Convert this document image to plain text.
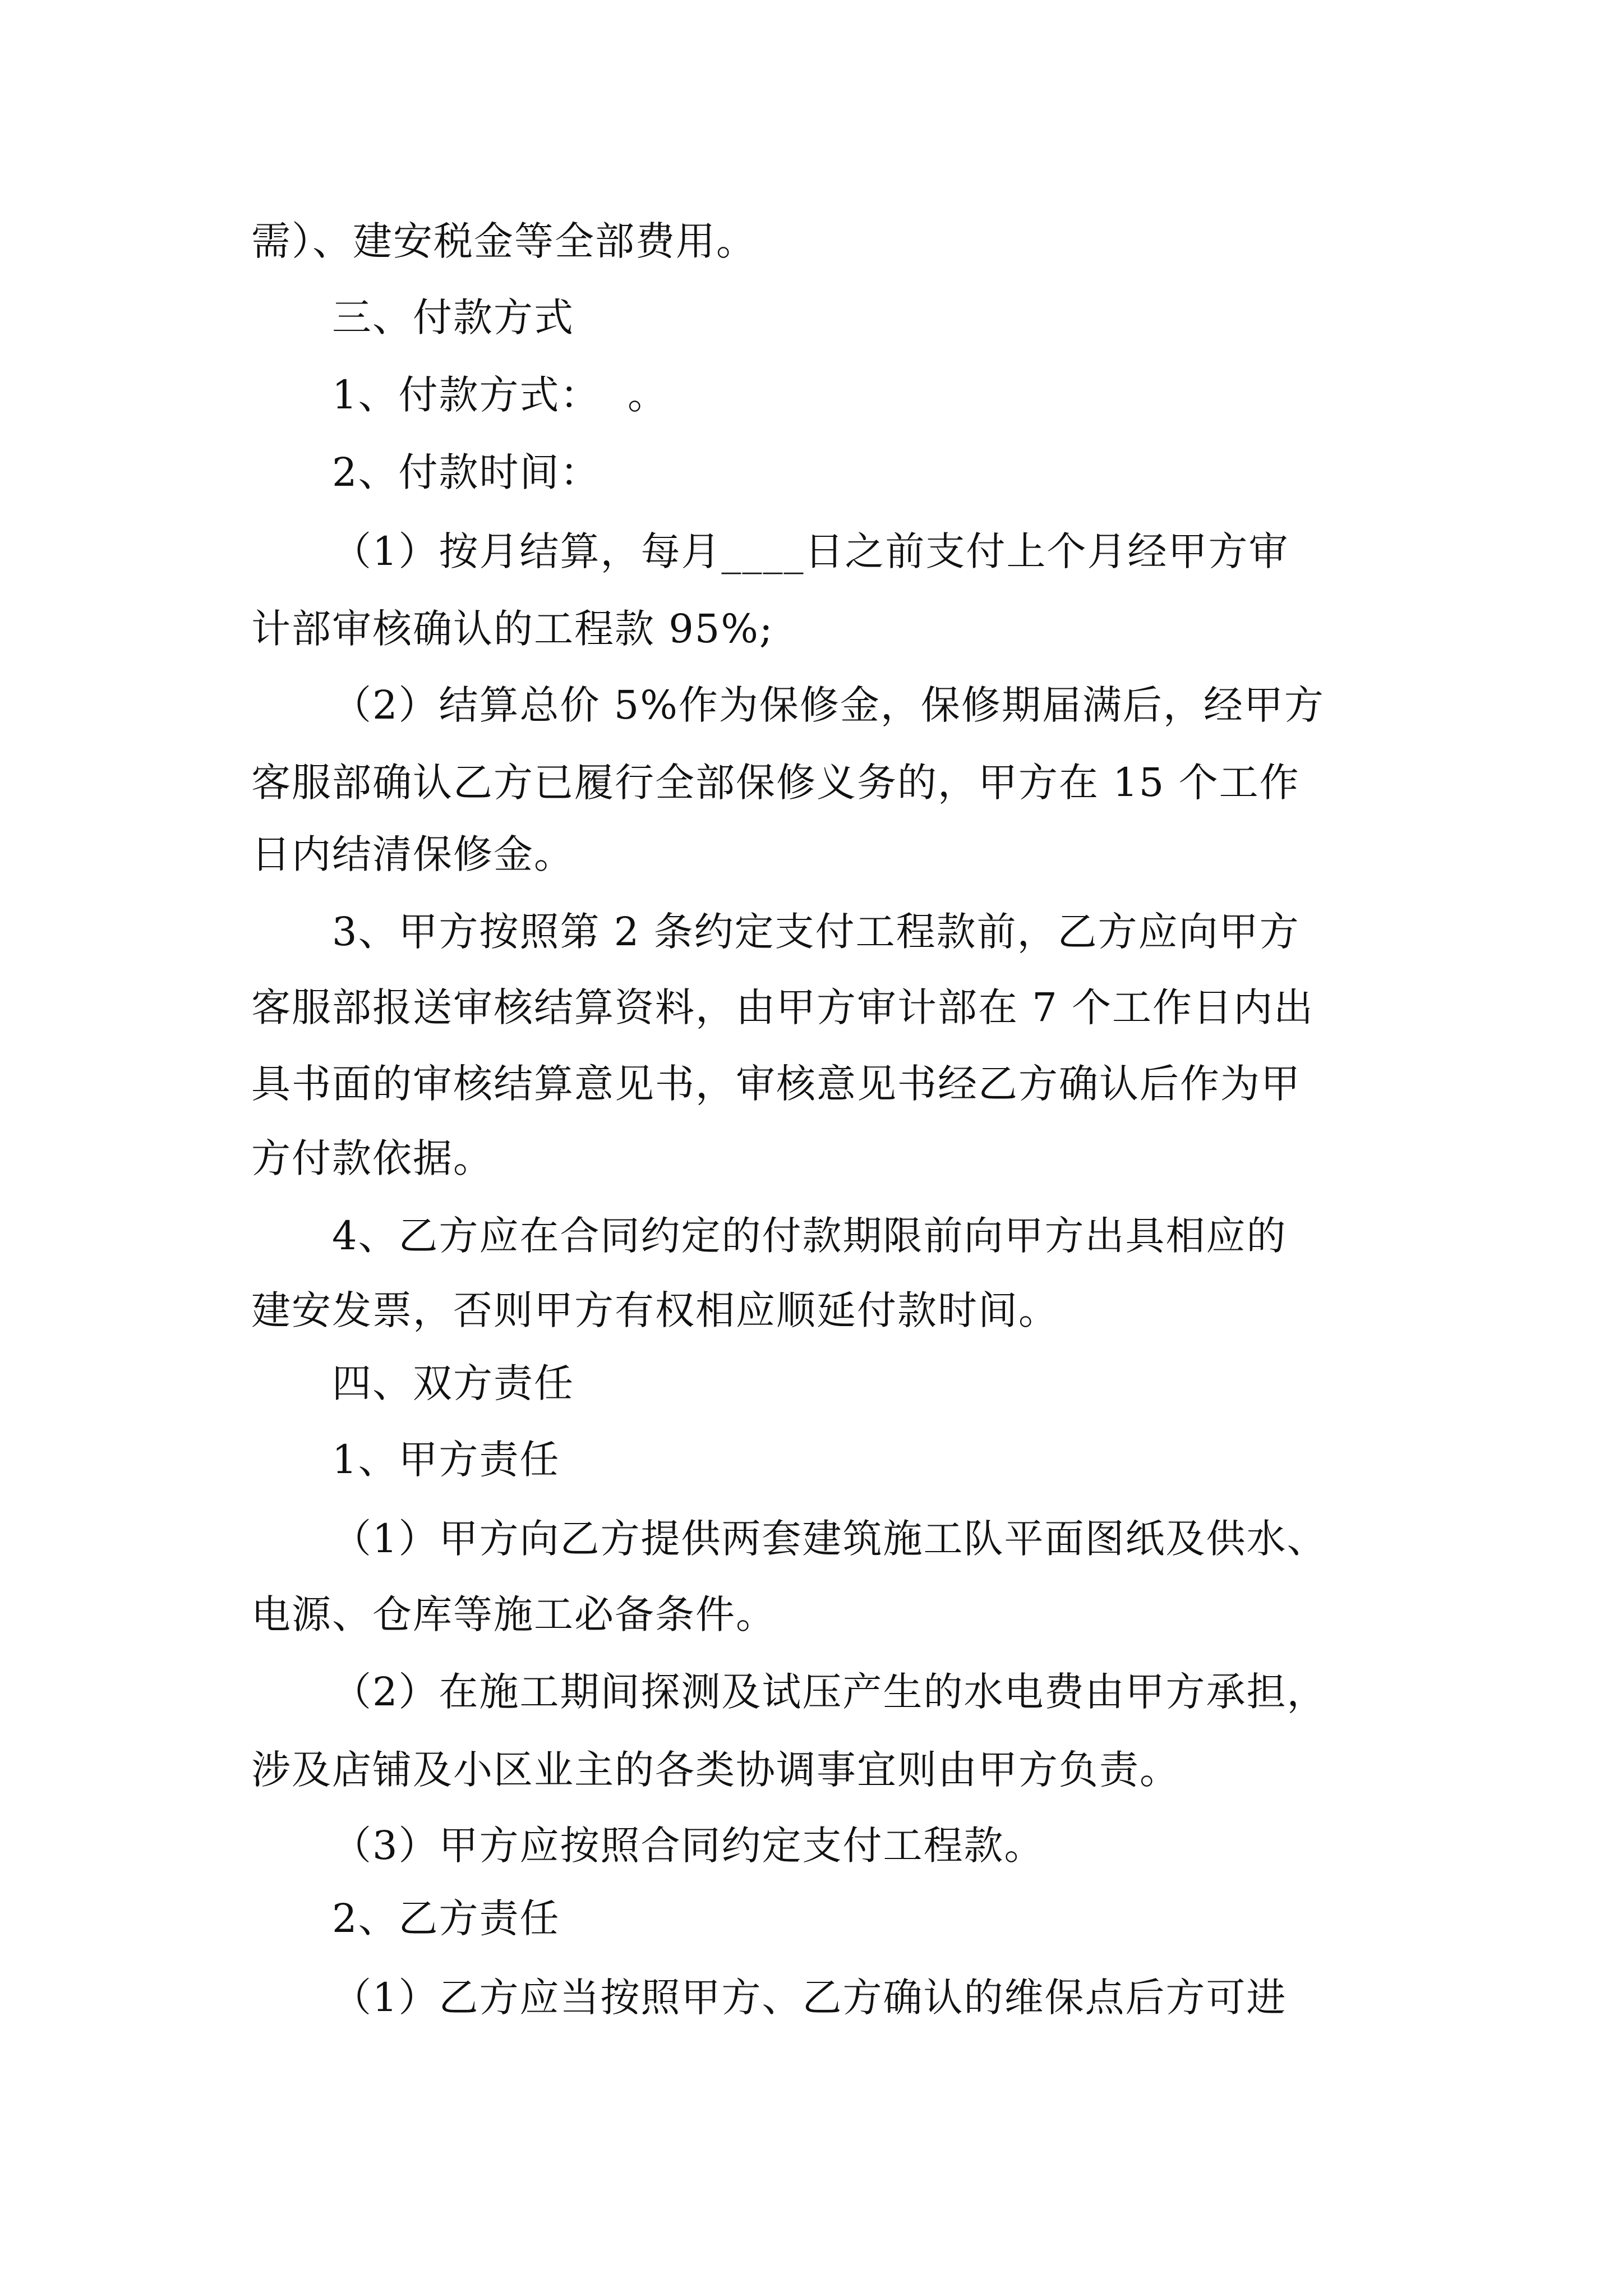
需）、建安税金等全部费用。
三、付款方式
1、付款方式：  。
2、付款时间：
（1）按月结算，每月____日之前支付上个月经甲方审
计部审核确认的工程款 95%;
（2）结算总价 5%作为保修金，保修期届满后，经甲方
客服部确认乙方已履行全部保修义务的，甲方在 15 个工作
日内结清保修金。
3、甲方按照第 2 条约定支付工程款前，乙方应向甲方
客服部报送审核结算资料，由甲方审计部在 7 个工作日内出
具书面的审核结算意见书，审核意见书经乙方确认后作为甲
方付款依据。
4、乙方应在合同约定的付款期限前向甲方出具相应的
建安发票，否则甲方有权相应顺延付款时间。
四、双方责任
1、甲方责任
（1）甲方向乙方提供两套建筑施工队平面图纸及供水、
电源、仓库等施工必备条件。
（2）在施工期间探测及试压产生的水电费由甲方承担，
涉及店铺及小区业主的各类协调事宜则由甲方负责。
（3）甲方应按照合同约定支付工程款。
2、乙方责任
（1）乙方应当按照甲方、乙方确认的维保点后方可进
